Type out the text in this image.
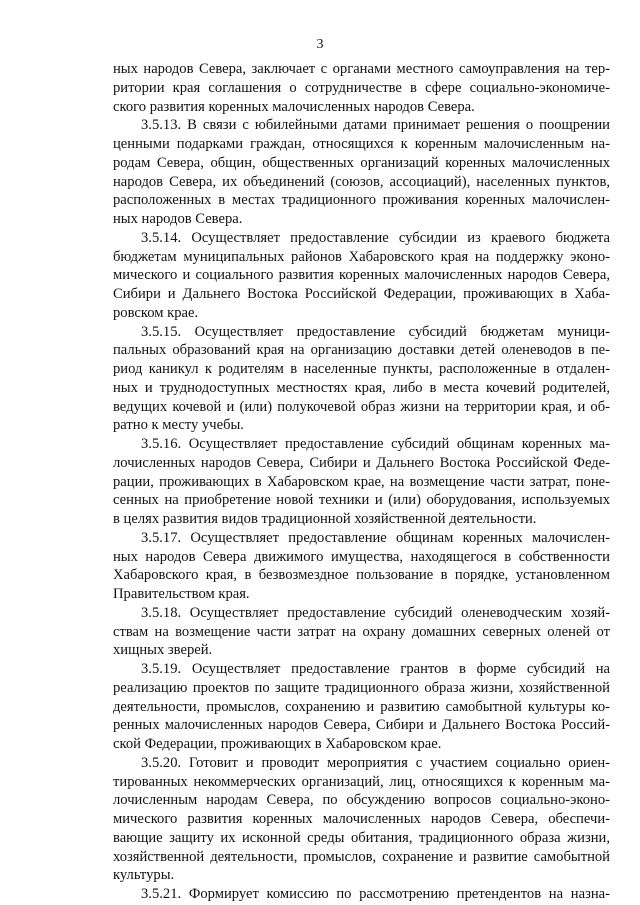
3
ных народов Севера, заключает с органами местного самоуправления на тер-
ритории края соглашения о сотрудничестве в сфере социально-экономиче-
ского развития коренных малочисленных народов Севера.
3.5.13. В связи с юбилейными датами принимает решения о поощрении
ценными подарками граждан, относящихся к коренным малочисленным на-
родам Севера, общин, общественных организаций коренных малочисленных
народов Севера, их объединений (союзов, ассоциаций), населенных пунктов,
расположенных в местах традиционного проживания коренных малочислен-
ных народов Севера.
3.5.14. Осуществляет предоставление субсидии из краевого бюджета
бюджетам муниципальных районов Хабаровского края на поддержку эконо-
мического и социального развития коренных малочисленных народов Севера,
Сибири и Дальнего Востока Российской Федерации, проживающих в Хаба-
ровском крае.
3.5.15. Осуществляет предоставление субсидий бюджетам муници-
пальных образований края на организацию доставки детей оленеводов в пе-
риод каникул к родителям в населенные пункты, расположенные в отдален-
ных и труднодоступных местностях края, либо в места кочевий родителей,
ведущих кочевой и (или) полукочевой образ жизни на территории края, и об-
ратно к месту учебы.
3.5.16. Осуществляет предоставление субсидий общинам коренных ма-
лочисленных народов Севера, Сибири и Дальнего Востока Российской Феде-
рации, проживающих в Хабаровском крае, на возмещение части затрат, поне-
сенных на приобретение новой техники и (или) оборудования, используемых
в целях развития видов традиционной хозяйственной деятельности.
3.5.17. Осуществляет предоставление общинам коренных малочислен-
ных народов Севера движимого имущества, находящегося в собственности
Хабаровского края, в безвозмездное пользование в порядке, установленном
Правительством края.
3.5.18. Осуществляет предоставление субсидий оленеводческим хозяй-
ствам на возмещение части затрат на охрану домашних северных оленей от
хищных зверей.
3.5.19. Осуществляет предоставление грантов в форме субсидий на
реализацию проектов по защите традиционного образа жизни, хозяйственной
деятельности, промыслов, сохранению и развитию самобытной культуры ко-
ренных малочисленных народов Севера, Сибири и Дальнего Востока Россий-
ской Федерации, проживающих в Хабаровском крае.
3.5.20. Готовит и проводит мероприятия с участием социально ориен-
тированных некоммерческих организаций, лиц, относящихся к коренным ма-
лочисленным народам Севера, по обсуждению вопросов социально-эконо-
мического развития коренных малочисленных народов Севера, обеспечи-
вающие защиту их исконной среды обитания, традиционного образа жизни,
хозяйственной деятельности, промыслов, сохранение и развитие самобытной
культуры.
3.5.21. Формирует комиссию по рассмотрению претендентов на назна-
